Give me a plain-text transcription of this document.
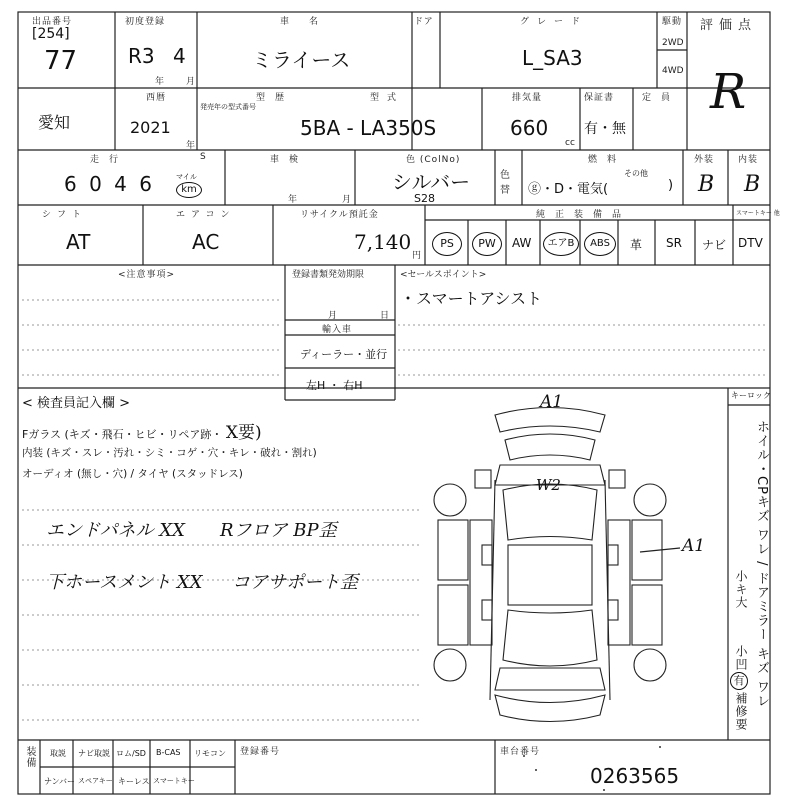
出品番号
[254]
77
初度登録
R3 4
年 月
車名
ミライース
ドア	グレード
L_SA3
駆動
2WD
4WD
評価点
R
愛知
西暦
2021
年
型歴
発売年の型式番号
型式
5BA - LA350S
排気量
660
cc
保証書
有・無
定員
走行
6 0 4 6	マイル
km
S	車検
年	月
色 (ColNo)
シルバー
S28
色替
燃料
ⓖ・D・電気(
その他
)
外装
B
内装
B
シフト
AT
エアコン
AC
リサイクル預託金
7,140
円
純正装備品	スマートキー 他
PS	PW	AW	エアB	ABS	革 SR ナビ DTV
<注意事項>	登録書類発効期限
月	日
輸入車
ディーラー・並行
左H ・ 右H
<セールスポイント>
・スマートアシスト
< 検査員記入欄 >
Fガラス (キズ・飛石・ヒビ・リペア跡・ X要)
内装 (キズ・スレ・汚れ・シミ・コゲ・穴・キレ・破れ・割れ)
オーディオ (無し・穴) / タイヤ (スタッドレス)
エンドパネル XX Rフロア BP歪
下ホースメント XX コアサポート歪
A1
W2
A1
キーロック
ホイル・CPキズ ワレ / ドアミラー キズ ワレ
小キ大
小凹
有
補修要
装備 取説 ナビ取説 ロム/SD B-CAS リモコン
ナンバー スペアキー キーレス スマートキー
登録番号	車台番号
0263565
